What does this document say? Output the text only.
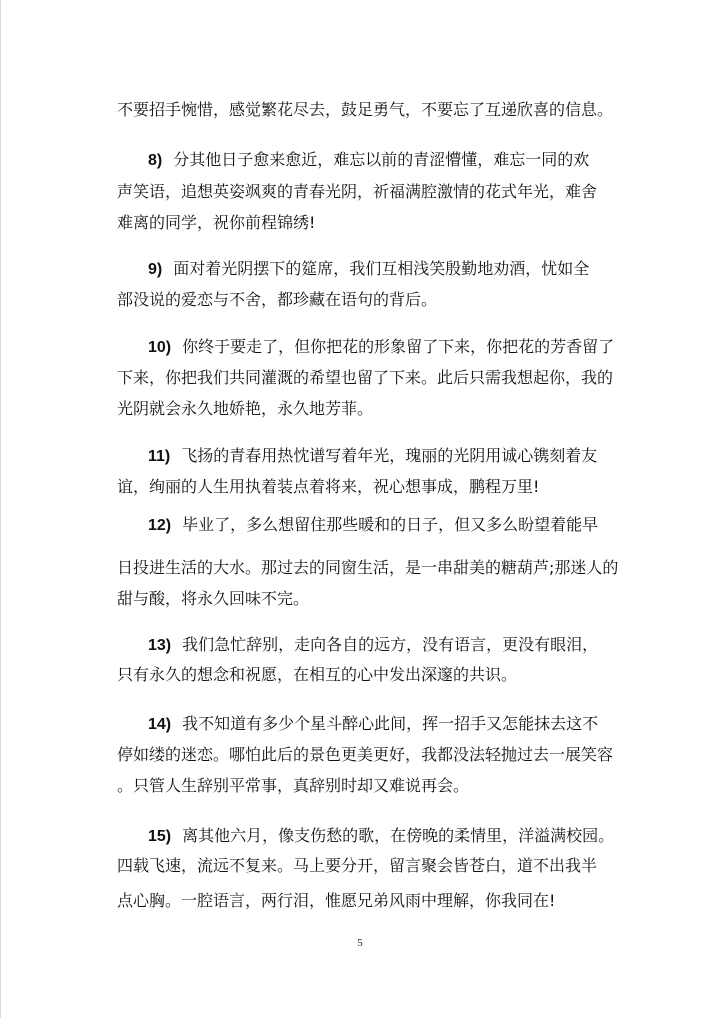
不要招手惋惜，感觉繁花尽去，鼓足勇气，不要忘了互递欣喜的信息。
8) 分其他日子愈来愈近，难忘以前的青涩懵懂，难忘一同的欢
声笑语，追想英姿飒爽的青春光阴，祈福满腔激情的花式年光，难舍
难离的同学，祝你前程锦绣!
9) 面对着光阴摆下的筵席，我们互相浅笑殷勤地劝酒，忧如全
部没说的爱恋与不舍，都珍藏在语句的背后。
10) 你终于要走了，但你把花的形象留了下来，你把花的芳香留了
下来，你把我们共同灌溉的希望也留了下来。此后只需我想起你，我的
光阴就会永久地娇艳，永久地芳菲。
11) 飞扬的青春用热忱谱写着年光，瑰丽的光阴用诚心镌刻着友
谊，绚丽的人生用执着装点着将来，祝心想事成，鹏程万里!
12) 毕业了，多么想留住那些暖和的日子，但又多么盼望着能早
日投进生活的大水。那过去的同窗生活，是一串甜美的糖葫芦;那迷人的
甜与酸，将永久回味不完。
13) 我们急忙辞别，走向各自的远方，没有语言，更没有眼泪，
只有永久的想念和祝愿，在相互的心中发出深邃的共识。
14) 我不知道有多少个星斗醉心此间，挥一招手又怎能抹去这不
停如缕的迷恋。哪怕此后的景色更美更好，我都没法轻抛过去一展笑容
。只管人生辞别平常事，真辞别时却又难说再会。
15) 离其他六月，像支伤愁的歌，在傍晚的柔情里，洋溢满校园。
四载飞速，流远不复来。马上要分开，留言聚会皆苍白，道不出我半
点心胸。一腔语言，两行泪，惟愿兄弟风雨中理解，你我同在!
5
